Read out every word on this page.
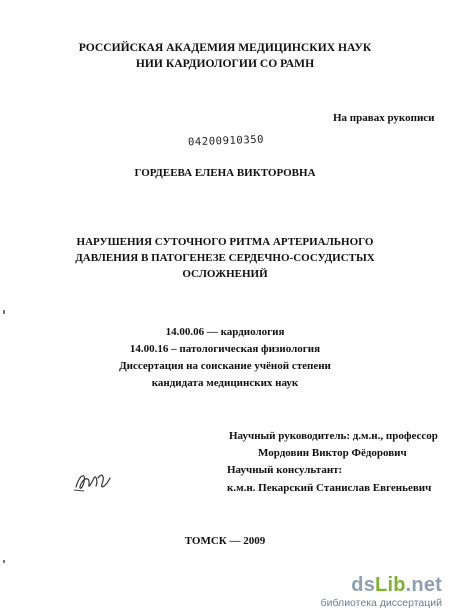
РОССИЙСКАЯ АКАДЕМИЯ МЕДИЦИНСКИХ НАУК
НИИ КАРДИОЛОГИИ СО РАМН
На правах рукописи
04200910350
ГОРДЕЕВА ЕЛЕНА ВИКТОРОВНА
НАРУШЕНИЯ СУТОЧНОГО РИТМА АРТЕРИАЛЬНОГО
ДАВЛЕНИЯ В ПАТОГЕНЕЗЕ СЕРДЕЧНО-СОСУДИСТЫХ
ОСЛОЖНЕНИЙ
14.00.06 — кардиология
14.00.16 – патологическая физиология
Диссертация на соискание учёной степени
кандидата медицинских наук
Научный руководитель: д.м.н., профессор
Мордовин Виктор Фёдорович
Научный консультант:
к.м.н. Пекарский Станислав Евгеньевич
ТОМСК — 2009
dsLib.net
библиотека диссертаций
